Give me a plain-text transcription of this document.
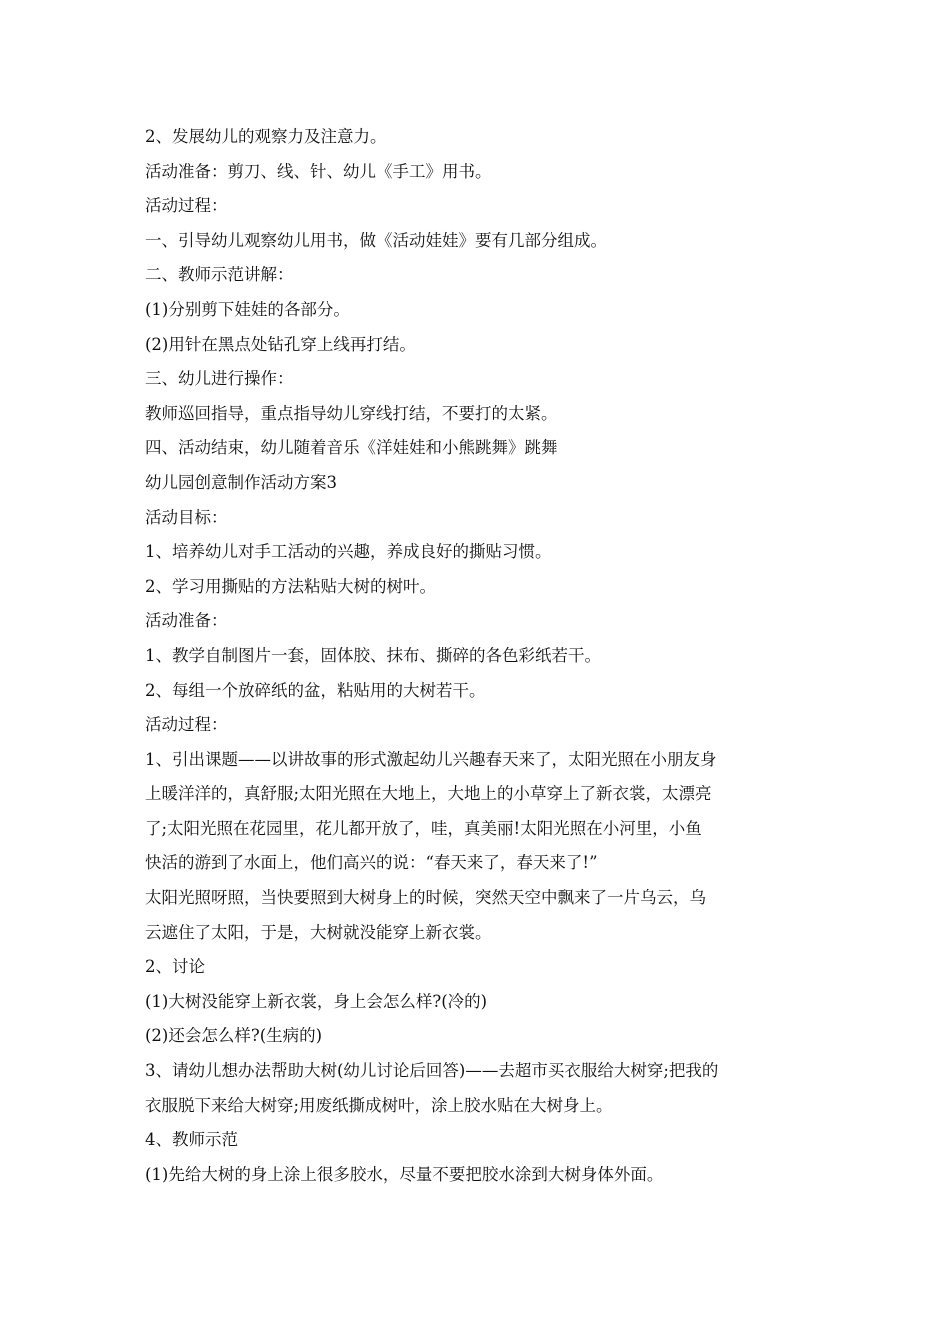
2、发展幼儿的观察力及注意力。

活动准备：剪刀、线、针、幼儿《手工》用书。

活动过程：

一、引导幼儿观察幼儿用书，做《活动娃娃》要有几部分组成。

二、教师示范讲解：

(1)分别剪下娃娃的各部分。

(2)用针在黑点处钻孔穿上线再打结。

三、幼儿进行操作：

教师巡回指导，重点指导幼儿穿线打结，不要打的太紧。

四、活动结束，幼儿随着音乐《洋娃娃和小熊跳舞》跳舞

幼儿园创意制作活动方案3

活动目标：

1、培养幼儿对手工活动的兴趣，养成良好的撕贴习惯。

2、学习用撕贴的方法粘贴大树的树叶。

活动准备：

1、教学自制图片一套，固体胶、抹布、撕碎的各色彩纸若干。

2、每组一个放碎纸的盆，粘贴用的大树若干。

活动过程：

1、引出课题——以讲故事的形式激起幼儿兴趣春天来了，太阳光照在小朋友身

上暖洋洋的，真舒服;太阳光照在大地上，大地上的小草穿上了新衣裳，太漂亮

了;太阳光照在花园里，花儿都开放了，哇，真美丽!太阳光照在小河里，小鱼

快活的游到了水面上，他们高兴的说：“春天来了，春天来了!”

太阳光照呀照，当快要照到大树身上的时候，突然天空中飘来了一片乌云，乌

云遮住了太阳，于是，大树就没能穿上新衣裳。

2、讨论

(1)大树没能穿上新衣裳，身上会怎么样?(冷的)

(2)还会怎么样?(生病的)

3、请幼儿想办法帮助大树(幼儿讨论后回答)——去超市买衣服给大树穿;把我的

衣服脱下来给大树穿;用废纸撕成树叶，涂上胶水贴在大树身上。

4、教师示范

(1)先给大树的身上涂上很多胶水，尽量不要把胶水涂到大树身体外面。
